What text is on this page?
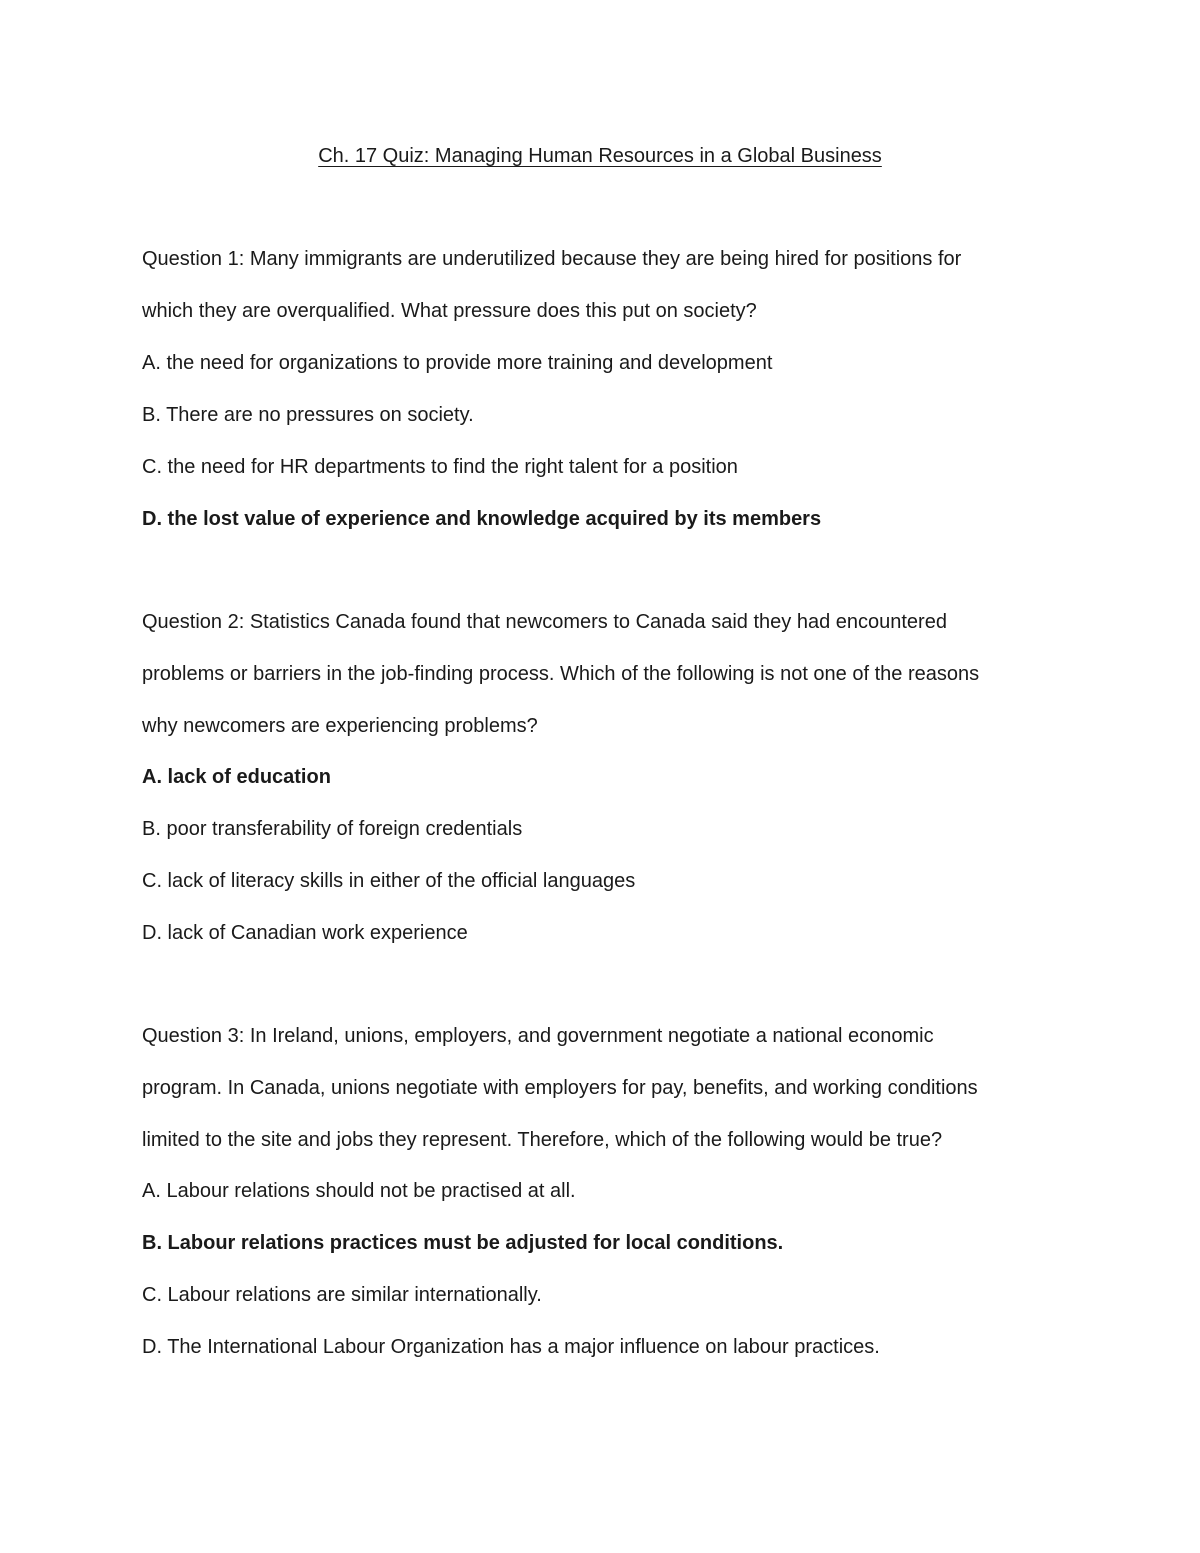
Ch. 17 Quiz: Managing Human Resources in a Global Business
Question 1: Many immigrants are underutilized because they are being hired for positions for
which they are overqualified. What pressure does this put on society?
A. the need for organizations to provide more training and development
B. There are no pressures on society.
C. the need for HR departments to find the right talent for a position
D. the lost value of experience and knowledge acquired by its members
Question 2: Statistics Canada found that newcomers to Canada said they had encountered
problems or barriers in the job-finding process. Which of the following is not one of the reasons
why newcomers are experiencing problems?
A. lack of education
B. poor transferability of foreign credentials
C. lack of literacy skills in either of the official languages
D. lack of Canadian work experience
Question 3: In Ireland, unions, employers, and government negotiate a national economic
program. In Canada, unions negotiate with employers for pay, benefits, and working conditions
limited to the site and jobs they represent. Therefore, which of the following would be true?
A. Labour relations should not be practised at all.
B. Labour relations practices must be adjusted for local conditions.
C. Labour relations are similar internationally.
D. The International Labour Organization has a major influence on labour practices.
